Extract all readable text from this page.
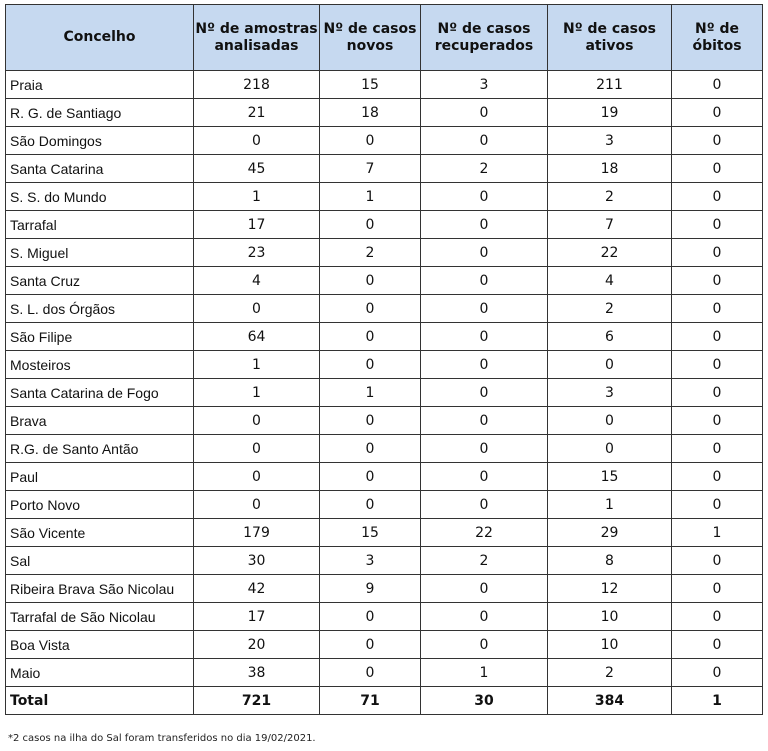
Concelho	Nº de amostras analisadas	Nº de casos novos	Nº de casos recuperados	Nº de casos ativos	Nº de óbitos
Praia	218	15	3	211	0
R. G. de Santiago	21	18	0	19	0
São Domingos	0	0	0	3	0
Santa Catarina	45	7	2	18	0
S. S. do Mundo	1	1	0	2	0
Tarrafal	17	0	0	7	0
S. Miguel	23	2	0	22	0
Santa Cruz	4	0	0	4	0
S. L. dos Órgãos	0	0	0	2	0
São Filipe	64	0	0	6	0
Mosteiros	1	0	0	0	0
Santa Catarina de Fogo	1	1	0	3	0
Brava	0	0	0	0	0
R.G. de Santo Antão	0	0	0	0	0
Paul	0	0	0	15	0
Porto Novo	0	0	0	1	0
São Vicente	179	15	22	29	1
Sal	30	3	2	8	0
Ribeira Brava São Nicolau	42	9	0	12	0
Tarrafal de São Nicolau	17	0	0	10	0
Boa Vista	20	0	0	10	0
Maio	38	0	1	2	0
Total	721	71	30	384	1
*2 casos na ilha do Sal foram transferidos no dia 19/02/2021.
